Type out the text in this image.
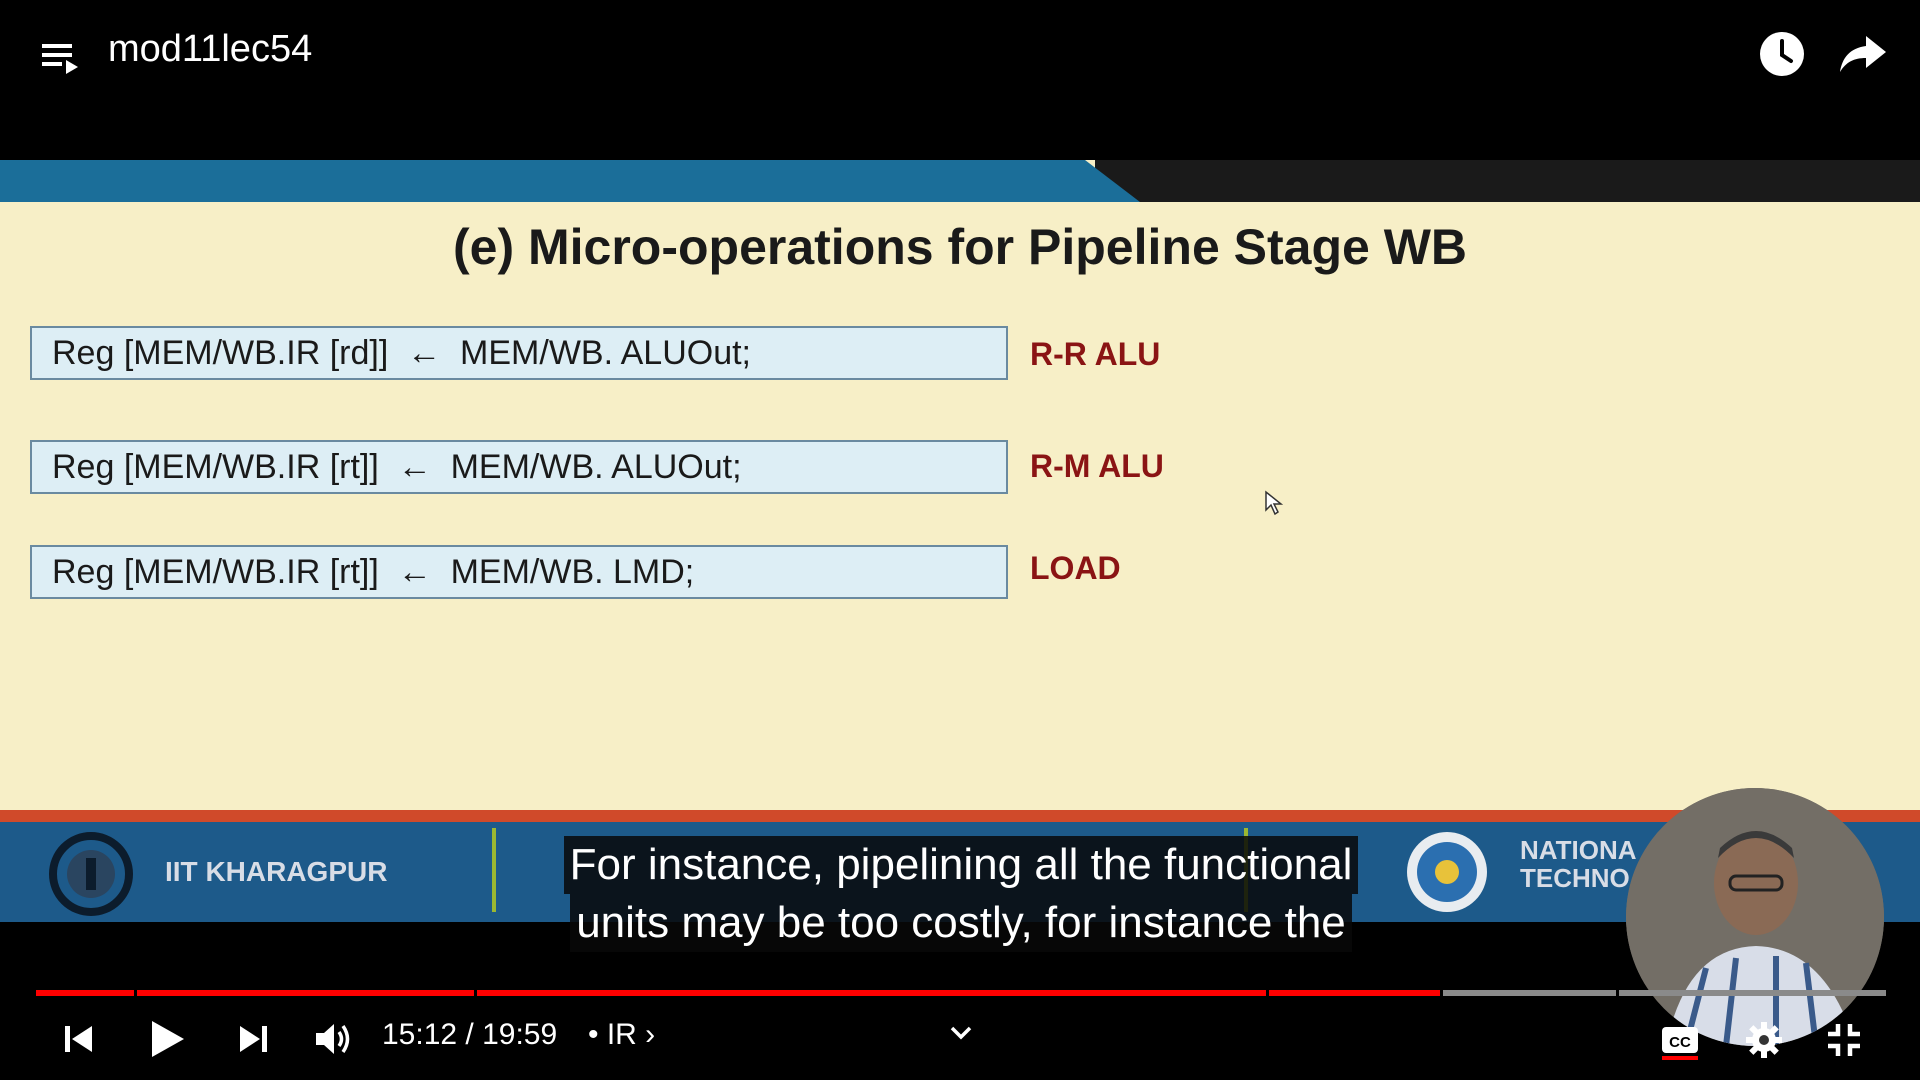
mod11lec54
(e) Micro-operations for Pipeline Stage WB
Reg [MEM/WB.IR [rd]]  ←  MEM/WB. ALUOut;	R-R ALU
Reg [MEM/WB.IR [rt]]  ←  MEM/WB. ALUOut;	R-M ALU
Reg [MEM/WB.IR [rt]]  ←  MEM/WB. LMD;	LOAD
IIT KHARAGPUR
NATIONA
TECHNO
For instance, pipelining all the functional
units may be too costly, for instance the
15:12 / 19:59 • IR ›	CC
